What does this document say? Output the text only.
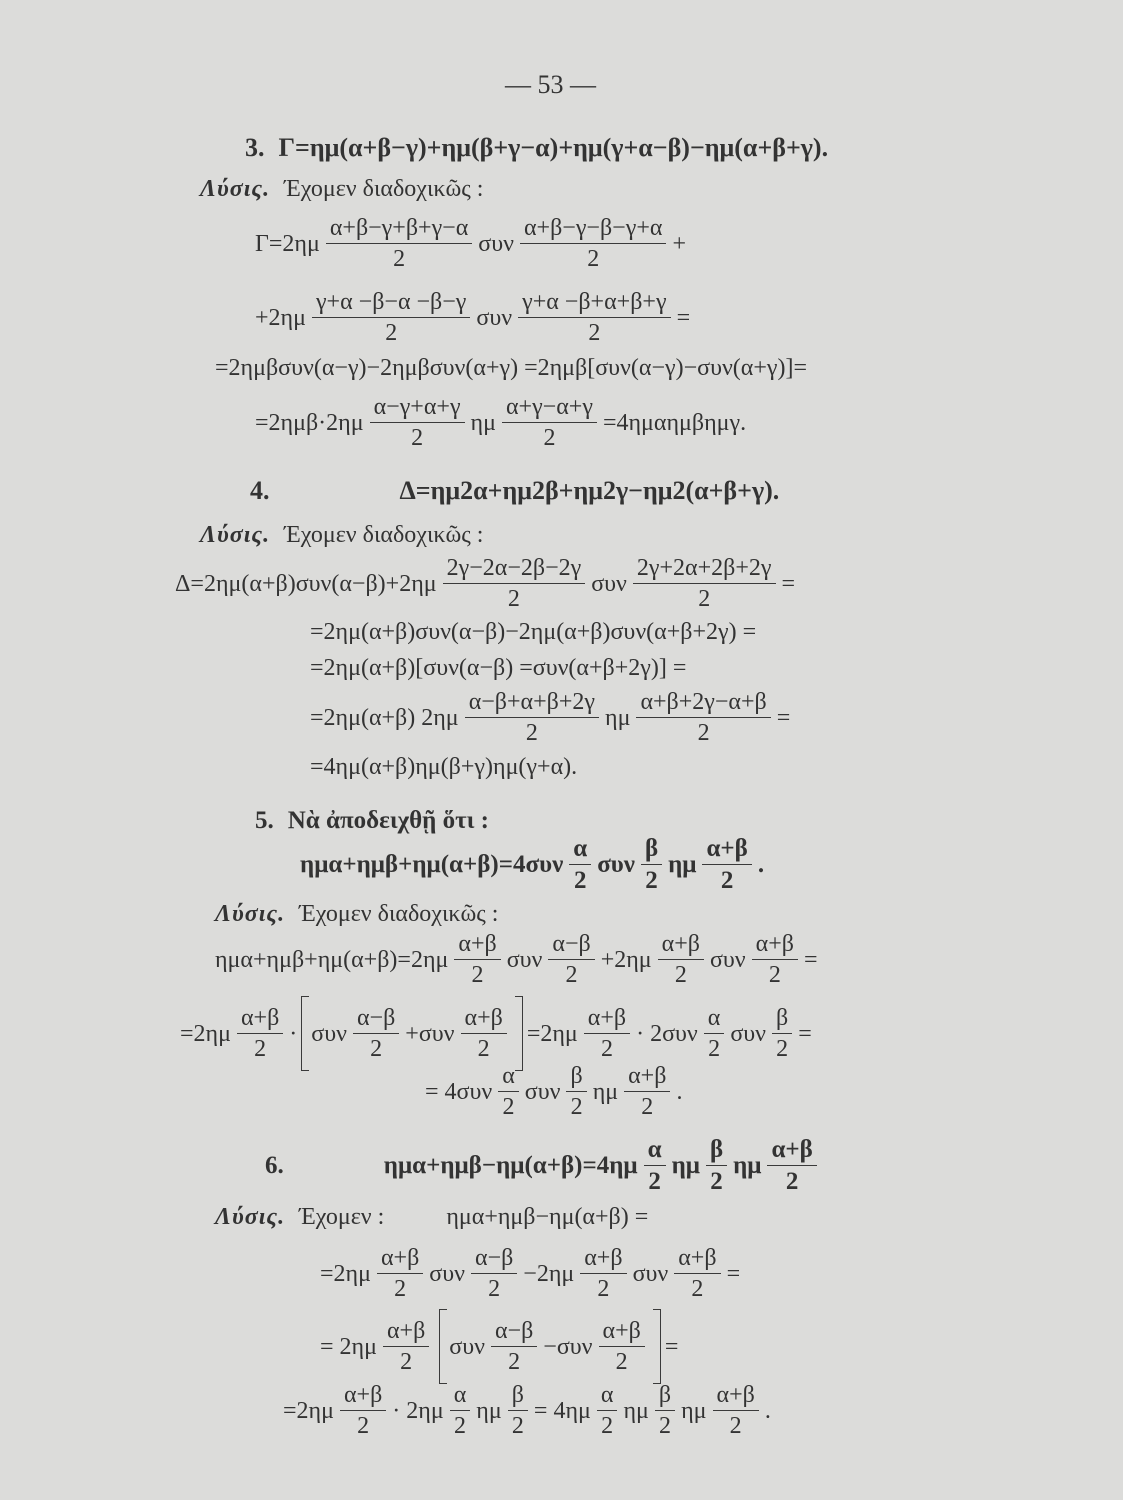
— 53 —
3. Γ=ημ(α+β−γ)+ημ(β+γ−α)+ημ(γ+α−β)−ημ(α+β+γ).
Λύσις. Έχομεν διαδοχικῶς :
$\Gamma=2\eta\mu \frac{\alpha+\beta-\gamma+\beta+\gamma-\alpha}{2}$ συν $\frac{\alpha+\beta-\gamma-\beta-\gamma+\alpha}{2}$ +
$+2\eta\mu \frac{\gamma+\alpha -\beta-\alpha -\beta-\gamma}{2}$ συν $\frac{\gamma+\alpha -\beta+\alpha+\beta+\gamma}{2}$ =
=2ημβσυν(α−γ)−2ημβσυν(α+γ) =2ημβ[συν(α−γ)−συν(α+γ)]=
$=2\eta\mu\beta\cdot 2\eta\mu \frac{\alpha-\gamma+\alpha+\gamma}{2}$ ημ $\frac{\alpha+\gamma-\alpha+\gamma}{2} =4\eta\mu\alpha\eta\mu\beta\eta\mu\gamma$.
4.	Δ=ημ2α+ημ2β+ημ2γ−ημ2(α+β+γ).
Λύσις. Έχομεν διαδοχικῶς :
$\Delta=2\eta\mu(\alpha+\beta)\sigma\upsilon\nu(\alpha-\beta)+2\eta\mu \frac{2\gamma-2\alpha-2\beta-2\gamma}{2}$ συν $\frac{2\gamma+2\alpha+2\beta+2\gamma}{2}$ =
=2ημ(α+β)συν(α−β)−2ημ(α+β)συν(α+β+2γ) =
=2ημ(α+β)[συν(α−β) =συν(α+β+2γ)] =
=2ημ(α+β) $2\eta\mu \frac{\alpha-\beta+\alpha+\beta+2\gamma}{2}$ ημ $\frac{\alpha+\beta+2\gamma-\alpha+\beta}{2}$ =
=4ημ(α+β)ημ(β+γ)ημ(γ+α).
5. Νὰ ἀποδειχθῇ ὅτι :
$\eta\mu\alpha+\eta\mu\beta+\eta\mu(\alpha+\beta)=4\sigma\upsilon\nu \frac{\alpha}{2}$ συν $\frac{\beta}{2}$ ημ $\frac{\alpha+\beta}{2}$ .
Λύσις. Έχομεν διαδοχικῶς :
$\eta\mu\alpha+\eta\mu\beta+\eta\mu(\alpha+\beta)=2\eta\mu \frac{\alpha+\beta}{2}$ συν $\frac{\alpha-\beta}{2} +2\eta\mu \frac{\alpha+\beta}{2}$ συν $\frac{\alpha+\beta}{2}$ =
$=2\eta\mu \frac{\alpha+\beta}{2} \cdot \sigma\upsilon\nu \frac{\alpha-\beta}{2} +\sigma\upsilon\nu \frac{\alpha+\beta}{2} =2\eta\mu \frac{\alpha+\beta}{2} \cdot 2\sigma\upsilon\nu \frac{\alpha}{2}$ συν $\frac{\beta}{2}$ =
= $4\sigma\upsilon\nu \frac{\alpha}{2}$ συν $\frac{\beta}{2}$ ημ $\frac{\alpha+\beta}{2}$ .
6.	$\eta\mu\alpha+\eta\mu\beta-\eta\mu(\alpha+\beta)=4\eta\mu \frac{\alpha}{2}$ ημ $\frac{\beta}{2}$ ημ $\frac{\alpha+\beta}{2}$
Λύσις. Έχομεν :	ημα+ημβ−ημ(α+β) =
$=2\eta\mu \frac{\alpha+\beta}{2}$ συν $\frac{\alpha-\beta}{2} -2\eta\mu \frac{\alpha+\beta}{2}$ συν $\frac{\alpha+\beta}{2}$ =
= $2\eta\mu \frac{\alpha+\beta}{2}$ συν $\frac{\alpha-\beta}{2} -\sigma\upsilon\nu \frac{\alpha+\beta}{2}$ =
$=2\eta\mu \frac{\alpha+\beta}{2} \cdot 2\eta\mu \frac{\alpha}{2}$ ημ $\frac{\beta}{2} = 4\eta\mu \frac{\alpha}{2}$ ημ $\frac{\beta}{2}$ ημ $\frac{\alpha+\beta}{2}$ .
